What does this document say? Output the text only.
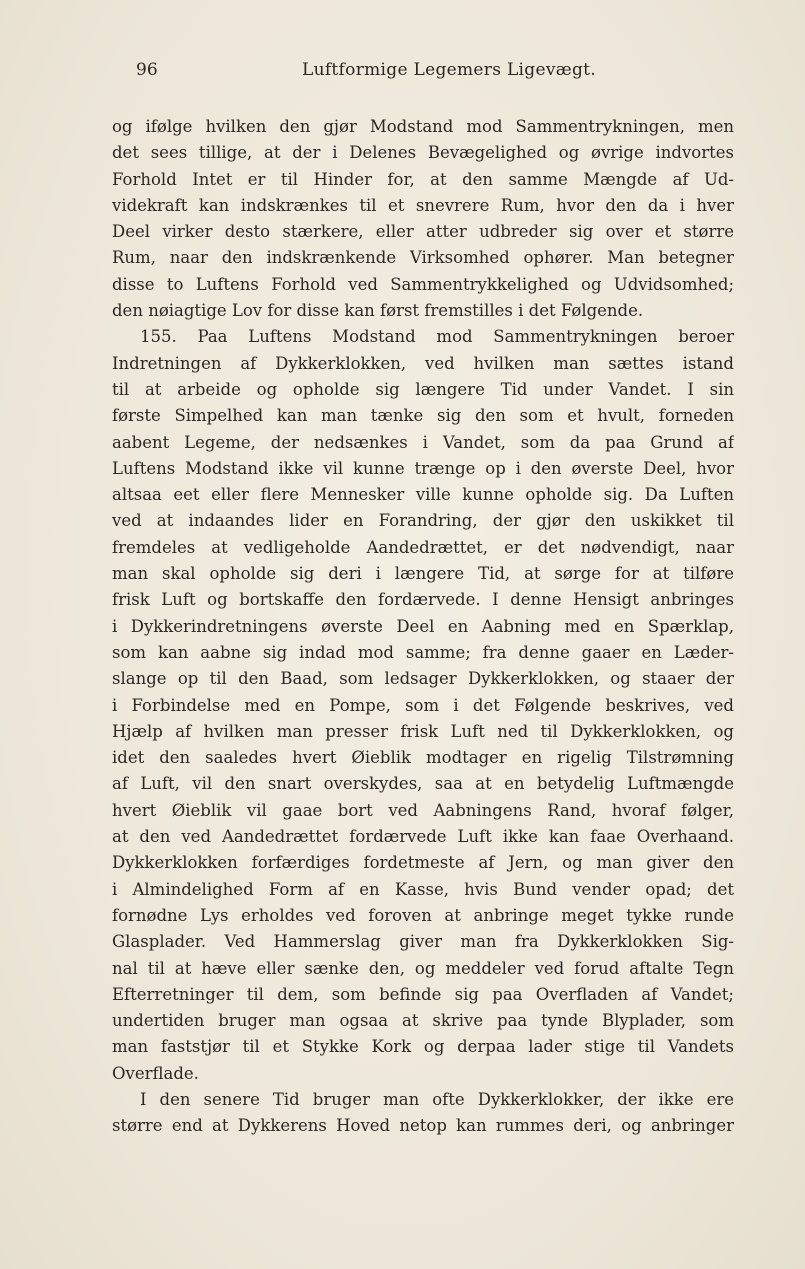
96	Luftformige Legemers Ligevægt.
og ifølge hvilken den gjør Modstand mod Sammentrykningen, men
det sees tillige, at der i Delenes Bevægelighed og øvrige indvortes
Forhold Intet er til Hinder for, at den samme Mængde af Ud-
videkraft kan indskrænkes til et snevrere Rum, hvor den da i hver
Deel virker desto stærkere, eller atter udbreder sig over et større
Rum, naar den indskrænkende Virksomhed ophører. Man betegner
disse to Luftens Forhold ved Sammentrykkelighed og Udvidsomhed;
den nøiagtige Lov for disse kan først fremstilles i det Følgende.
155. Paa Luftens Modstand mod Sammentrykningen beroer
Indretningen af Dykkerklokken, ved hvilken man sættes istand
til at arbeide og opholde sig længere Tid under Vandet. I sin
første Simpelhed kan man tænke sig den som et hvult, forneden
aabent Legeme, der nedsænkes i Vandet, som da paa Grund af
Luftens Modstand ikke vil kunne trænge op i den øverste Deel, hvor
altsaa eet eller flere Mennesker ville kunne opholde sig. Da Luften
ved at indaandes lider en Forandring, der gjør den uskikket til
fremdeles at vedligeholde Aandedrættet, er det nødvendigt, naar
man skal opholde sig deri i længere Tid, at sørge for at tilføre
frisk Luft og bortskaffe den fordærvede. I denne Hensigt anbringes
i Dykkerindretningens øverste Deel en Aabning med en Spærklap,
som kan aabne sig indad mod samme; fra denne gaaer en Læder-
slange op til den Baad, som ledsager Dykkerklokken, og staaer der
i Forbindelse med en Pompe, som i det Følgende beskrives, ved
Hjælp af hvilken man presser frisk Luft ned til Dykkerklokken, og
idet den saaledes hvert Øieblik modtager en rigelig Tilstrømning
af Luft, vil den snart overskydes, saa at en betydelig Luftmængde
hvert Øieblik vil gaae bort ved Aabningens Rand, hvoraf følger,
at den ved Aandedrættet fordærvede Luft ikke kan faae Overhaand.
Dykkerklokken forfærdiges fordetmeste af Jern, og man giver den
i Almindelighed Form af en Kasse, hvis Bund vender opad; det
fornødne Lys erholdes ved foroven at anbringe meget tykke runde
Glasplader. Ved Hammerslag giver man fra Dykkerklokken Sig-
nal til at hæve eller sænke den, og meddeler ved forud aftalte Tegn
Efterretninger til dem, som befinde sig paa Overfladen af Vandet;
undertiden bruger man ogsaa at skrive paa tynde Blyplader, som
man faststjør til et Stykke Kork og derpaa lader stige til Vandets
Overflade.
I den senere Tid bruger man ofte Dykkerklokker, der ikke ere
større end at Dykkerens Hoved netop kan rummes deri, og anbringer
